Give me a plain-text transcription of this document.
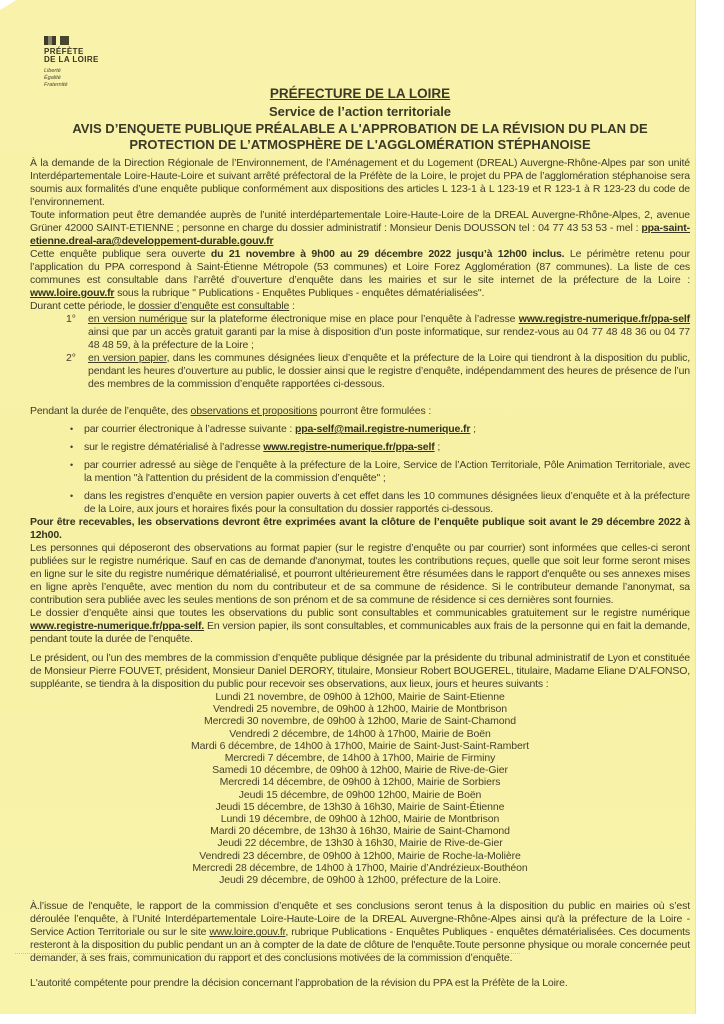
PRÉFÈTE
DE LA LOIRE
Liberté
Égalité
Fraternité
PRÉFECTURE DE LA LOIRE
Service de l’action territoriale
AVIS D’ENQUETE PUBLIQUE PRÉALABLE A L'APPROBATION DE LA RÉVISION DU PLAN DE PROTECTION DE L’ATMOSPHÈRE DE L'AGGLOMÉRATION STÉPHANOISE
À la demande de la Direction Régionale de l’Environnement, de l’Aménagement et du Logement (DREAL) Auvergne-Rhône-Alpes par son unité Interdépartementale Loire-Haute-Loire et suivant arrêté préfectoral de la Préfète de la Loire, le projet du PPA de l’agglomération stéphanoise sera soumis aux formalités d’une enquête publique conformément aux dispositions des articles L 123-1 à L 123-19 et R 123-1 à R 123-23 du code de l’environnement.
Toute information peut être demandée auprès de l’unité interdépartementale Loire-Haute-Loire de la DREAL Auvergne-Rhône-Alpes, 2, avenue Grüner 42000 SAINT-ETIENNE ; personne en charge du dossier administratif : Monsieur Denis DOUSSON tel : 04 77 43 53 53 - mel : ppa-saint-etienne.dreal-ara@developpement-durable.gouv.fr
Cette enquête publique sera ouverte du 21 novembre à 9h00 au 29 décembre 2022 jusqu’à 12h00 inclus. Le périmètre retenu pour l’application du PPA correspond à Saint-Étienne Métropole (53 communes) et Loire Forez Agglomération (87 communes). La liste de ces communes est consultable dans l’arrêté d’ouverture d’enquête dans les mairies et sur le site internet de la préfecture de la Loire : www.loire.gouv.fr sous la rubrique " Publications - Enquêtes Publiques - enquêtes dématérialisées".
Durant cette période, le dossier d’enquête est consultable :
1°	en version numérique sur la plateforme électronique mise en place pour l’enquête à l’adresse www.registre-numerique.fr/ppa-self ainsi que par un accès gratuit garanti par la mise à disposition d’un poste informatique, sur rendez-vous au 04 77 48 48 36 ou 04 77 48 48 59, à la préfecture de la Loire ;
2°	en version papier, dans les communes désignées lieux d’enquête et la préfecture de la Loire qui tiendront à la disposition du public, pendant les heures d’ouverture au public, le dossier ainsi que le registre d’enquête, indépendamment des heures de présence de l’un des membres de la commission d’enquête rapportées ci-dessous.
Pendant la durée de l’enquête, des observations et propositions pourront être formulées :
•	par courrier électronique à l’adresse suivante : ppa-self@mail.registre-numerique.fr ;
•	sur le registre dématérialisé à l’adresse www.registre-numerique.fr/ppa-self ;
•	par courrier adressé au siège de l’enquête à la préfecture de la Loire, Service de l’Action Territoriale, Pôle Animation Territoriale, avec la mention "à l'attention du président de la commission d’enquête" ;
•	dans les registres d’enquête en version papier ouverts à cet effet dans les 10 communes désignées lieux d’enquête et à la préfecture de la Loire, aux jours et horaires fixés pour la consultation du dossier rapportés ci-dessous.
Pour être recevables, les observations devront être exprimées avant la clôture de l’enquête publique soit avant le 29 décembre 2022 à 12h00.
Les personnes qui déposeront des observations au format papier (sur le registre d’enquête ou par courrier) sont informées que celles-ci seront publiées sur le registre numérique. Sauf en cas de demande d'anonymat, toutes les contributions reçues, quelle que soit leur forme seront mises en ligne sur le site du registre numérique dématérialisé, et pourront ultérieurement être résumées dans le rapport d'enquête ou ses annexes mises en ligne après l’enquête, avec mention du nom du contributeur et de sa commune de résidence. Si le contributeur demande l’anonymat, sa contribution sera publiée avec les seules mentions de son prénom et de sa commune de résidence si ces dernières sont fournies.
Le dossier d’enquête ainsi que toutes les observations du public sont consultables et communicables gratuitement sur le registre numérique www.registre-numerique.fr/ppa-self. En version papier, ils sont consultables, et communicables aux frais de la personne qui en fait la demande, pendant toute la durée de l’enquête.
Le président, ou l’un des membres de la commission d’enquête publique désignée par la présidente du tribunal administratif de Lyon et constituée de Monsieur Pierre FOUVET, président, Monsieur Daniel DERORY, titulaire, Monsieur Robert BOUGEREL, titulaire, Madame Eliane D’ALFONSO, suppléante, se tiendra à la disposition du public pour recevoir ses observations, aux lieux, jours et heures suivants :
Lundi 21 novembre, de 09h00 à 12h00, Mairie de Saint-Etienne
Vendredi 25 novembre, de 09h00 à 12h00, Mairie de Montbrison
Mercredi 30 novembre, de 09h00 à 12h00, Marie de Saint-Chamond
Vendredi 2 décembre, de 14h00 à 17h00, Mairie de Boën
Mardi 6 décembre, de 14h00 à 17h00, Mairie de Saint-Just-Saint-Rambert
Mercredi 7 décembre, de 14h00 à 17h00, Mairie de Firminy
Samedi 10 décembre, de 09h00 à 12h00, Mairie de Rive-de-Gier
Mercredi 14 décembre, de 09h00 à 12h00, Mairie de Sorbiers
Jeudi 15 décembre, de 09h00 12h00, Mairie de Boën
Jeudi 15 décembre, de 13h30 à 16h30, Mairie de Saint-Étienne
Lundi 19 décembre, de 09h00 à 12h00, Mairie de Montbrison
Mardi 20 décembre, de 13h30 à 16h30, Mairie de Saint-Chamond
Jeudi 22 décembre, de 13h30 à 16h30, Mairie de Rive-de-Gier
Vendredi 23 décembre, de 09h00 à 12h00, Mairie de Roche-la-Molière
Mercredi 28 décembre, de 14h00 à 17h00, Mairie d’Andrézieux-Bouthéon
Jeudi 29 décembre, de 09h00 à 12h00, préfecture de la Loire.
À.l’issue de l'enquête, le rapport de la commission d’enquête et ses conclusions seront tenus à la disposition du public en mairies où s’est déroulée l’enquête, à l’Unité Interdépartementale Loire-Haute-Loire de la DREAL Auvergne-Rhône-Alpes ainsi qu'à la préfecture de la Loire - Service Action Territoriale ou sur le site www.loire.gouv.fr, rubrique Publications - Enquêtes Publiques - enquêtes dématérialisées. Ces documents resteront à la disposition du public pendant un an à compter de la date de clôture de l'enquête.Toute personne physique ou morale concernée peut demander, à ses frais, communication du rapport et des conclusions motivées de la commission d’enquête.
L'autorité compétente pour prendre la décision concernant l’approbation de la révision du PPA est la Préfète de la Loire.
